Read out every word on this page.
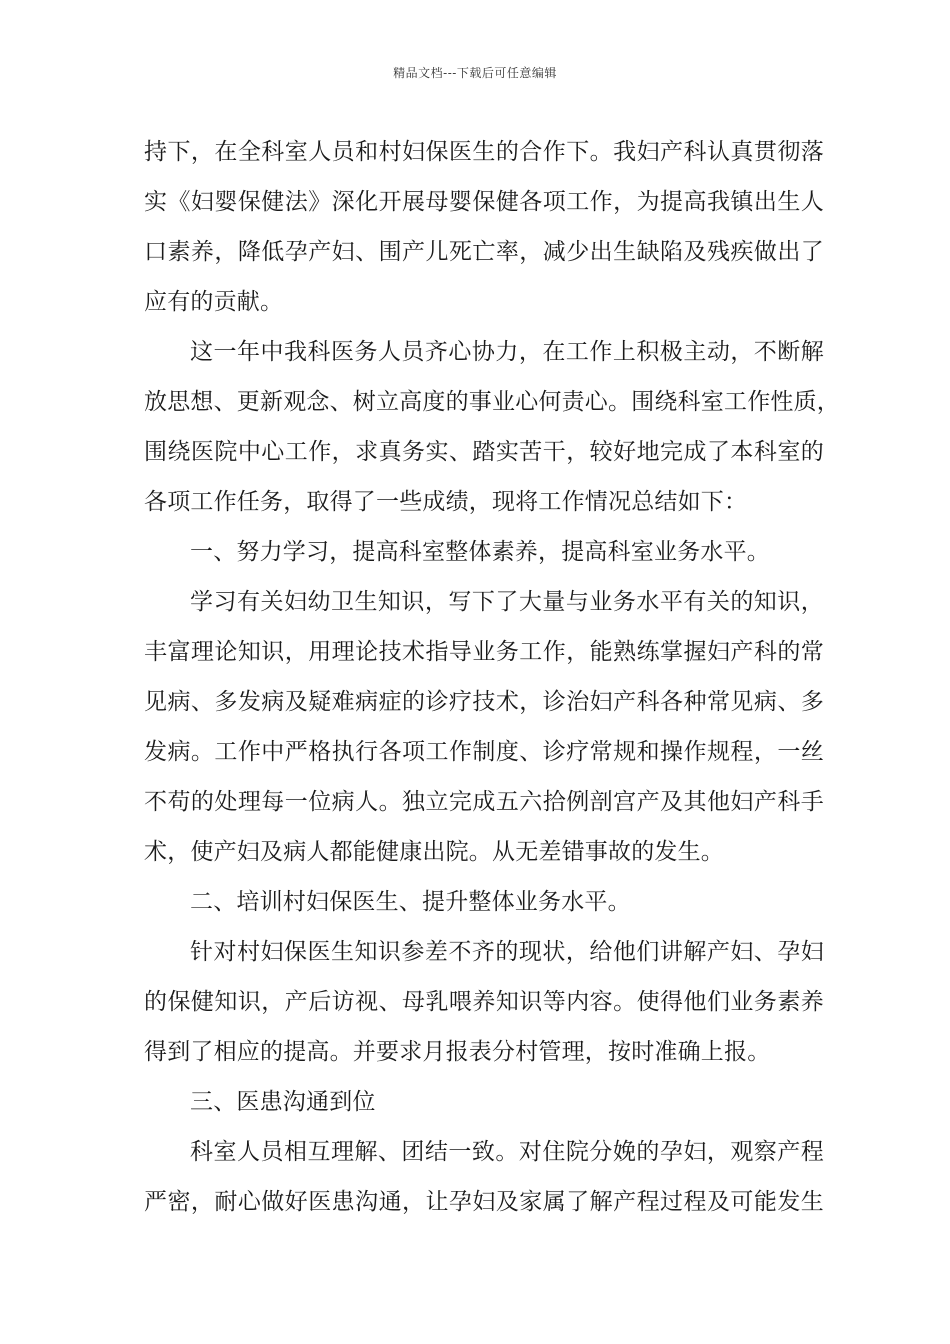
精品文档---下载后可任意编辑
持下，在全科室人员和村妇保医生的合作下。我妇产科认真贯彻落
实《妇婴保健法》深化开展母婴保健各项工作，为提高我镇出生人
口素养，降低孕产妇、围产儿死亡率，减少出生缺陷及残疾做出了
应有的贡献。
这一年中我科医务人员齐心协力，在工作上积极主动，不断解
放思想、更新观念、树立高度的事业心何责心。围绕科室工作性质，
围绕医院中心工作，求真务实、踏实苦干，较好地完成了本科室的
各项工作任务，取得了一些成绩，现将工作情况总结如下：
一、努力学习，提高科室整体素养，提高科室业务水平。
学习有关妇幼卫生知识，写下了大量与业务水平有关的知识，
丰富理论知识，用理论技术指导业务工作，能熟练掌握妇产科的常
见病、多发病及疑难病症的诊疗技术，诊治妇产科各种常见病、多
发病。工作中严格执行各项工作制度、诊疗常规和操作规程，一丝
不苟的处理每一位病人。独立完成五六拾例剖宫产及其他妇产科手
术，使产妇及病人都能健康出院。从无差错事故的发生。
二、培训村妇保医生、提升整体业务水平。
针对村妇保医生知识参差不齐的现状，给他们讲解产妇、孕妇
的保健知识，产后访视、母乳喂养知识等内容。使得他们业务素养
得到了相应的提高。并要求月报表分村管理，按时准确上报。
三、医患沟通到位
科室人员相互理解、团结一致。对住院分娩的孕妇，观察产程
严密，耐心做好医患沟通，让孕妇及家属了解产程过程及可能发生
